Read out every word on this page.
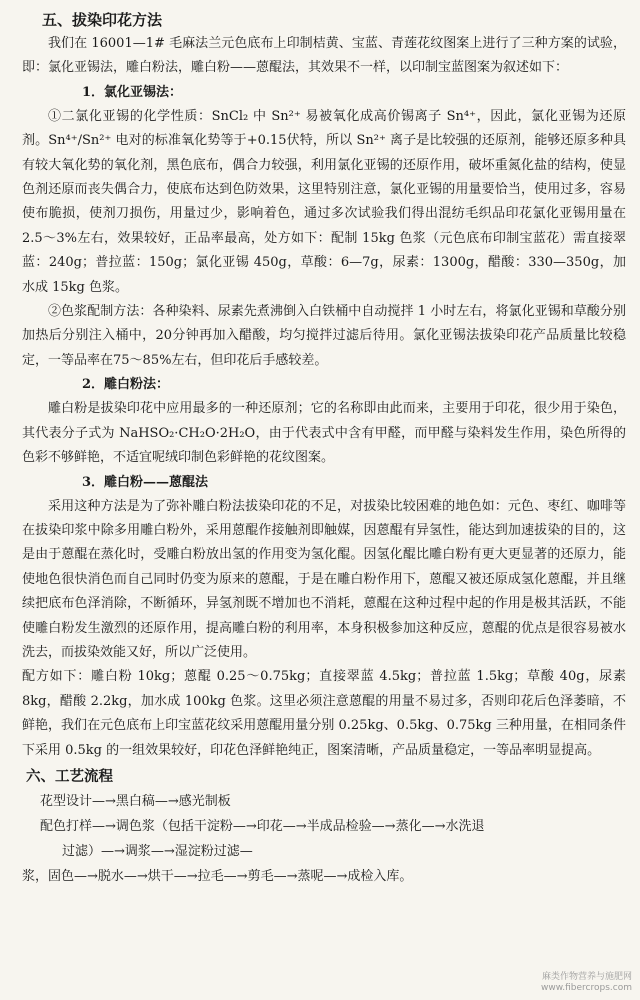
五、拔染印花方法

我们在 16001—1# 毛麻法兰元色底布上印制桔黄、宝蓝、青莲花纹图案上进行了三种方案的试验，即：氯化亚锡法，雕白粉法，雕白粉——蒽醌法，其效果不一样，以印制宝蓝图案为叙述如下：

1．氯化亚锡法：

①二氯化亚锡的化学性质：SnCl₂ 中 Sn²⁺ 易被氧化成高价锡离子 Sn⁴⁺，因此，氯化亚锡为还原剂。Sn⁴⁺/Sn²⁺ 电对的标准氧化势等于+0.15伏特，所以 Sn²⁺ 离子是比较强的还原剂，能够还原多种具有较大氧化势的氧化剂，黑色底布，偶合力较强，利用氯化亚锡的还原作用，破坏重氮化盐的结构，使显色剂还原而丧失偶合力，使底布达到色防效果，这里特别注意，氯化亚锡的用量要恰当，使用过多，容易使布脆损，使剂刀损伤，用量过少，影响着色，通过多次试验我们得出混纺毛织品印花氯化亚锡用量在2.5～3%左右，效果较好，正品率最高，处方如下：配制 15kg 色浆（元色底布印制宝蓝花）需直接翠蓝：240g；普拉蓝：150g；氯化亚锡 450g，草酸：6—7g，尿素：1300g，醋酸：330—350g，加水成 15kg 色浆。

②色浆配制方法：各种染料、尿素先煮沸倒入白铁桶中自动搅拌 1 小时左右，将氯化亚锡和草酸分别加热后分别注入桶中，20分钟再加入醋酸，均匀搅拌过滤后待用。氯化亚锡法拔染印花产品质量比较稳定，一等品率在75～85%左右，但印花后手感较差。

2．雕白粉法：

雕白粉是拔染印花中应用最多的一种还原剂；它的名称即由此而来，主要用于印花，很少用于染色，其代表分子式为 NaHSO₂·CH₂O·2H₂O，由于代表式中含有甲醛，而甲醛与染料发生作用，染色所得的色彩不够鲜艳，不适宜呢绒印制色彩鲜艳的花纹图案。

3．雕白粉——蒽醌法

采用这种方法是为了弥补雕白粉法拔染印花的不足，对拔染比较困难的地色如：元色、枣红、咖啡等在拔染印浆中除多用雕白粉外，采用蒽醌作接触剂即触媒，因蒽醌有异氢性，能达到加速拔染的目的，这是由于蒽醌在蒸化时，受雕白粉放出氢的作用变为氢化醌。因氢化醌比雕白粉有更大更显著的还原力，能使地色很快消色而自己同时仍变为原来的蒽醌，于是在雕白粉作用下，蒽醌又被还原成氢化蒽醌，并且继续把底布色泽消除，不断循环，异氢剂既不增加也不消耗，蒽醌在这种过程中起的作用是极其活跃，不能使雕白粉发生激烈的还原作用，提高雕白粉的利用率，本身积极参加这种反应，蒽醌的优点是很容易被水洗去，而拔染效能又好，所以广泛使用。

配方如下：雕白粉 10kg；蒽醌 0.25～0.75kg；直接翠蓝 4.5kg；普拉蓝 1.5kg；草酸 40g，尿素 8kg，醋酸 2.2kg，加水成 100kg 色浆。这里必须注意蒽醌的用量不易过多，否则印花后色泽萎暗，不鲜艳，我们在元色底布上印宝蓝花纹采用蒽醌用量分别 0.25kg、0.5kg、0.75kg 三种用量，在相同条件下采用 0.5kg 的一组效果较好，印花色泽鲜艳纯正，图案清晰，产品质量稳定，一等品率明显提高。

六、工艺流程
花型设计—→黑白稿—→感光制板
配色打样—→调色浆（包括干淀粉—→印花—→半成品检验—→蒸化—→水洗退
过滤）—→调浆—→湿淀粉过滤—
浆，固色—→脱水—→烘干—→拉毛—→剪毛—→蒸呢—→成检入库。
麻类作物营养与施肥网
www.fibercrops.com
